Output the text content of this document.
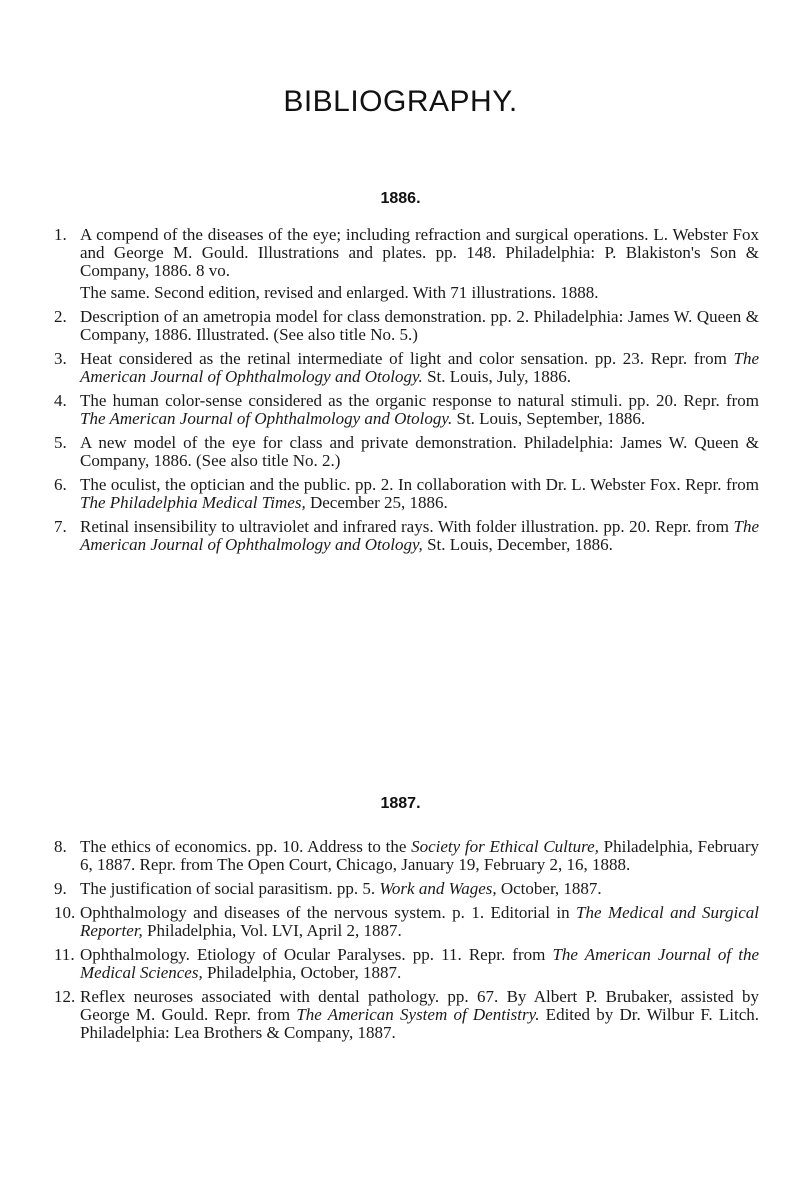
BIBLIOGRAPHY.
1886.
1. A compend of the diseases of the eye; including refraction and surgical operations. L. Webster Fox and George M. Gould. Illustrations and plates. pp. 148. Philadelphia: P. Blakiston's Son & Company, 1886. 8 vo.
The same. Second edition, revised and enlarged. With 71 illustrations. 1888.
2. Description of an ametropia model for class demonstration. pp. 2. Philadelphia: James W. Queen & Company, 1886. Illustrated. (See also title No. 5.)
3. Heat considered as the retinal intermediate of light and color sensation. pp. 23. Repr. from The American Journal of Ophthalmology and Otology. St. Louis, July, 1886.
4. The human color-sense considered as the organic response to natural stimuli. pp. 20. Repr. from The American Journal of Ophthalmology and Otology. St. Louis, September, 1886.
5. A new model of the eye for class and private demonstration. Philadelphia: James W. Queen & Company, 1886. (See also title No. 2.)
6. The oculist, the optician and the public. pp. 2. In collaboration with Dr. L. Webster Fox. Repr. from The Philadelphia Medical Times, December 25, 1886.
7. Retinal insensibility to ultraviolet and infrared rays. With folder illustration. pp. 20. Repr. from The American Journal of Ophthalmology and Otology, St. Louis, December, 1886.
1887.
8. The ethics of economics. pp. 10. Address to the Society for Ethical Culture, Philadelphia, February 6, 1887. Repr. from The Open Court, Chicago, January 19, February 2, 16, 1888.
9. The justification of social parasitism. pp. 5. Work and Wages, October, 1887.
10. Ophthalmology and diseases of the nervous system. p. 1. Editorial in The Medical and Surgical Reporter, Philadelphia, Vol. LVI, April 2, 1887.
11. Ophthalmology. Etiology of Ocular Paralyses. pp. 11. Repr. from The American Journal of the Medical Sciences, Philadelphia, October, 1887.
12. Reflex neuroses associated with dental pathology. pp. 67. By Albert P. Brubaker, assisted by George M. Gould. Repr. from The American System of Dentistry. Edited by Dr. Wilbur F. Litch. Philadelphia: Lea Brothers & Company, 1887.
